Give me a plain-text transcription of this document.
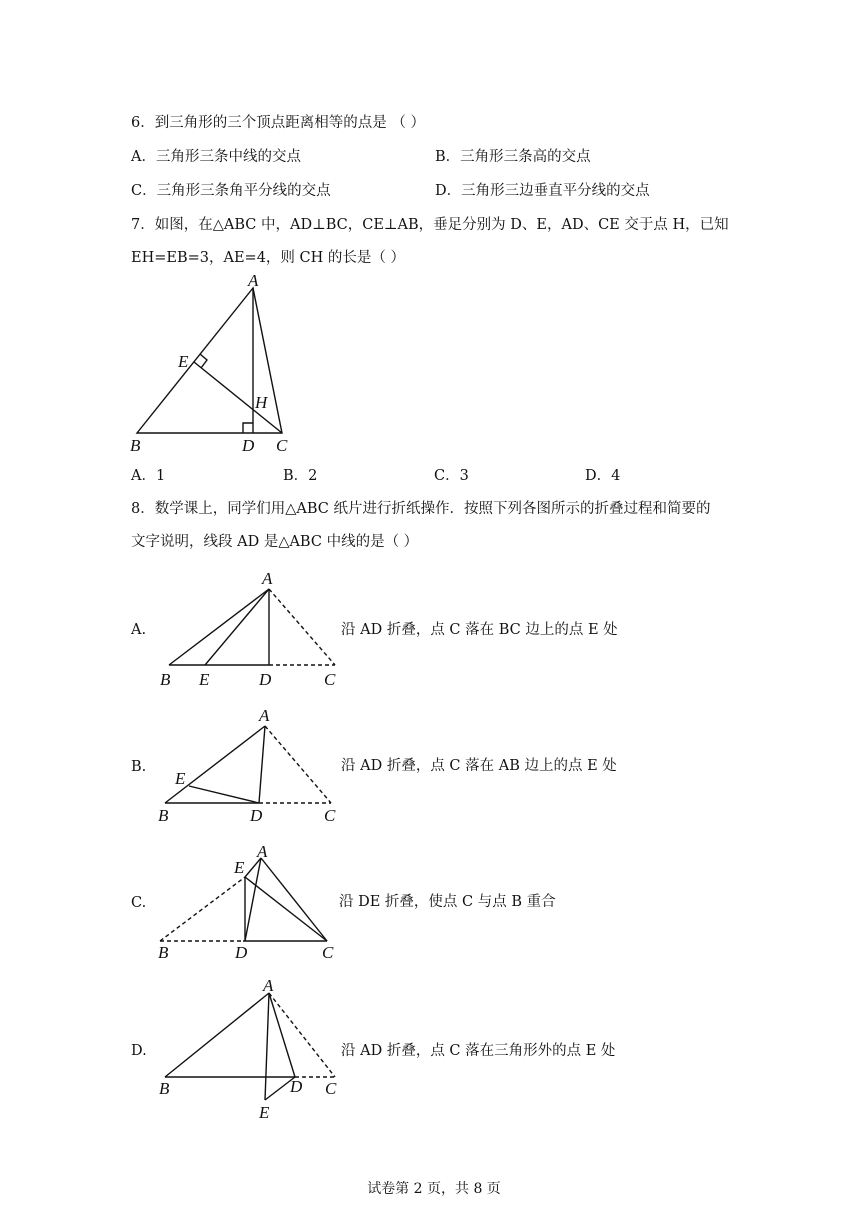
6．到三角形的三个顶点距离相等的点是 （ ）
A．三角形三条中线的交点	B．三角形三条高的交点
C．三角形三条角平分线的交点	D．三角形三边垂直平分线的交点
7．如图，在△ABC 中，AD⊥BC，CE⊥AB，垂足分别为 D、E，AD、CE 交于点 H，已知
EH=EB=3，AE=4，则 CH 的长是（ ）
A
E
H
B	D C
A．1	B．2	C．3	D．4
8．数学课上，同学们用△ABC 纸片进行折纸操作．按照下列各图所示的折叠过程和简要的
文字说明，线段 AD 是△ABC 中线的是（ ）
A.
A
B E	D	C
沿 AD 折叠，点 C 落在 BC 边上的点 E 处
B.
A
E
B	D	C
沿 AD 折叠，点 C 落在 AB 边上的点 E 处
C.
A
E
B	D	C
沿 DE 折叠，使点 C 与点 B 重合
D.
A
B	D C
E
沿 AD 折叠，点 C 落在三角形外的点 E 处
试卷第 2 页，共 8 页
